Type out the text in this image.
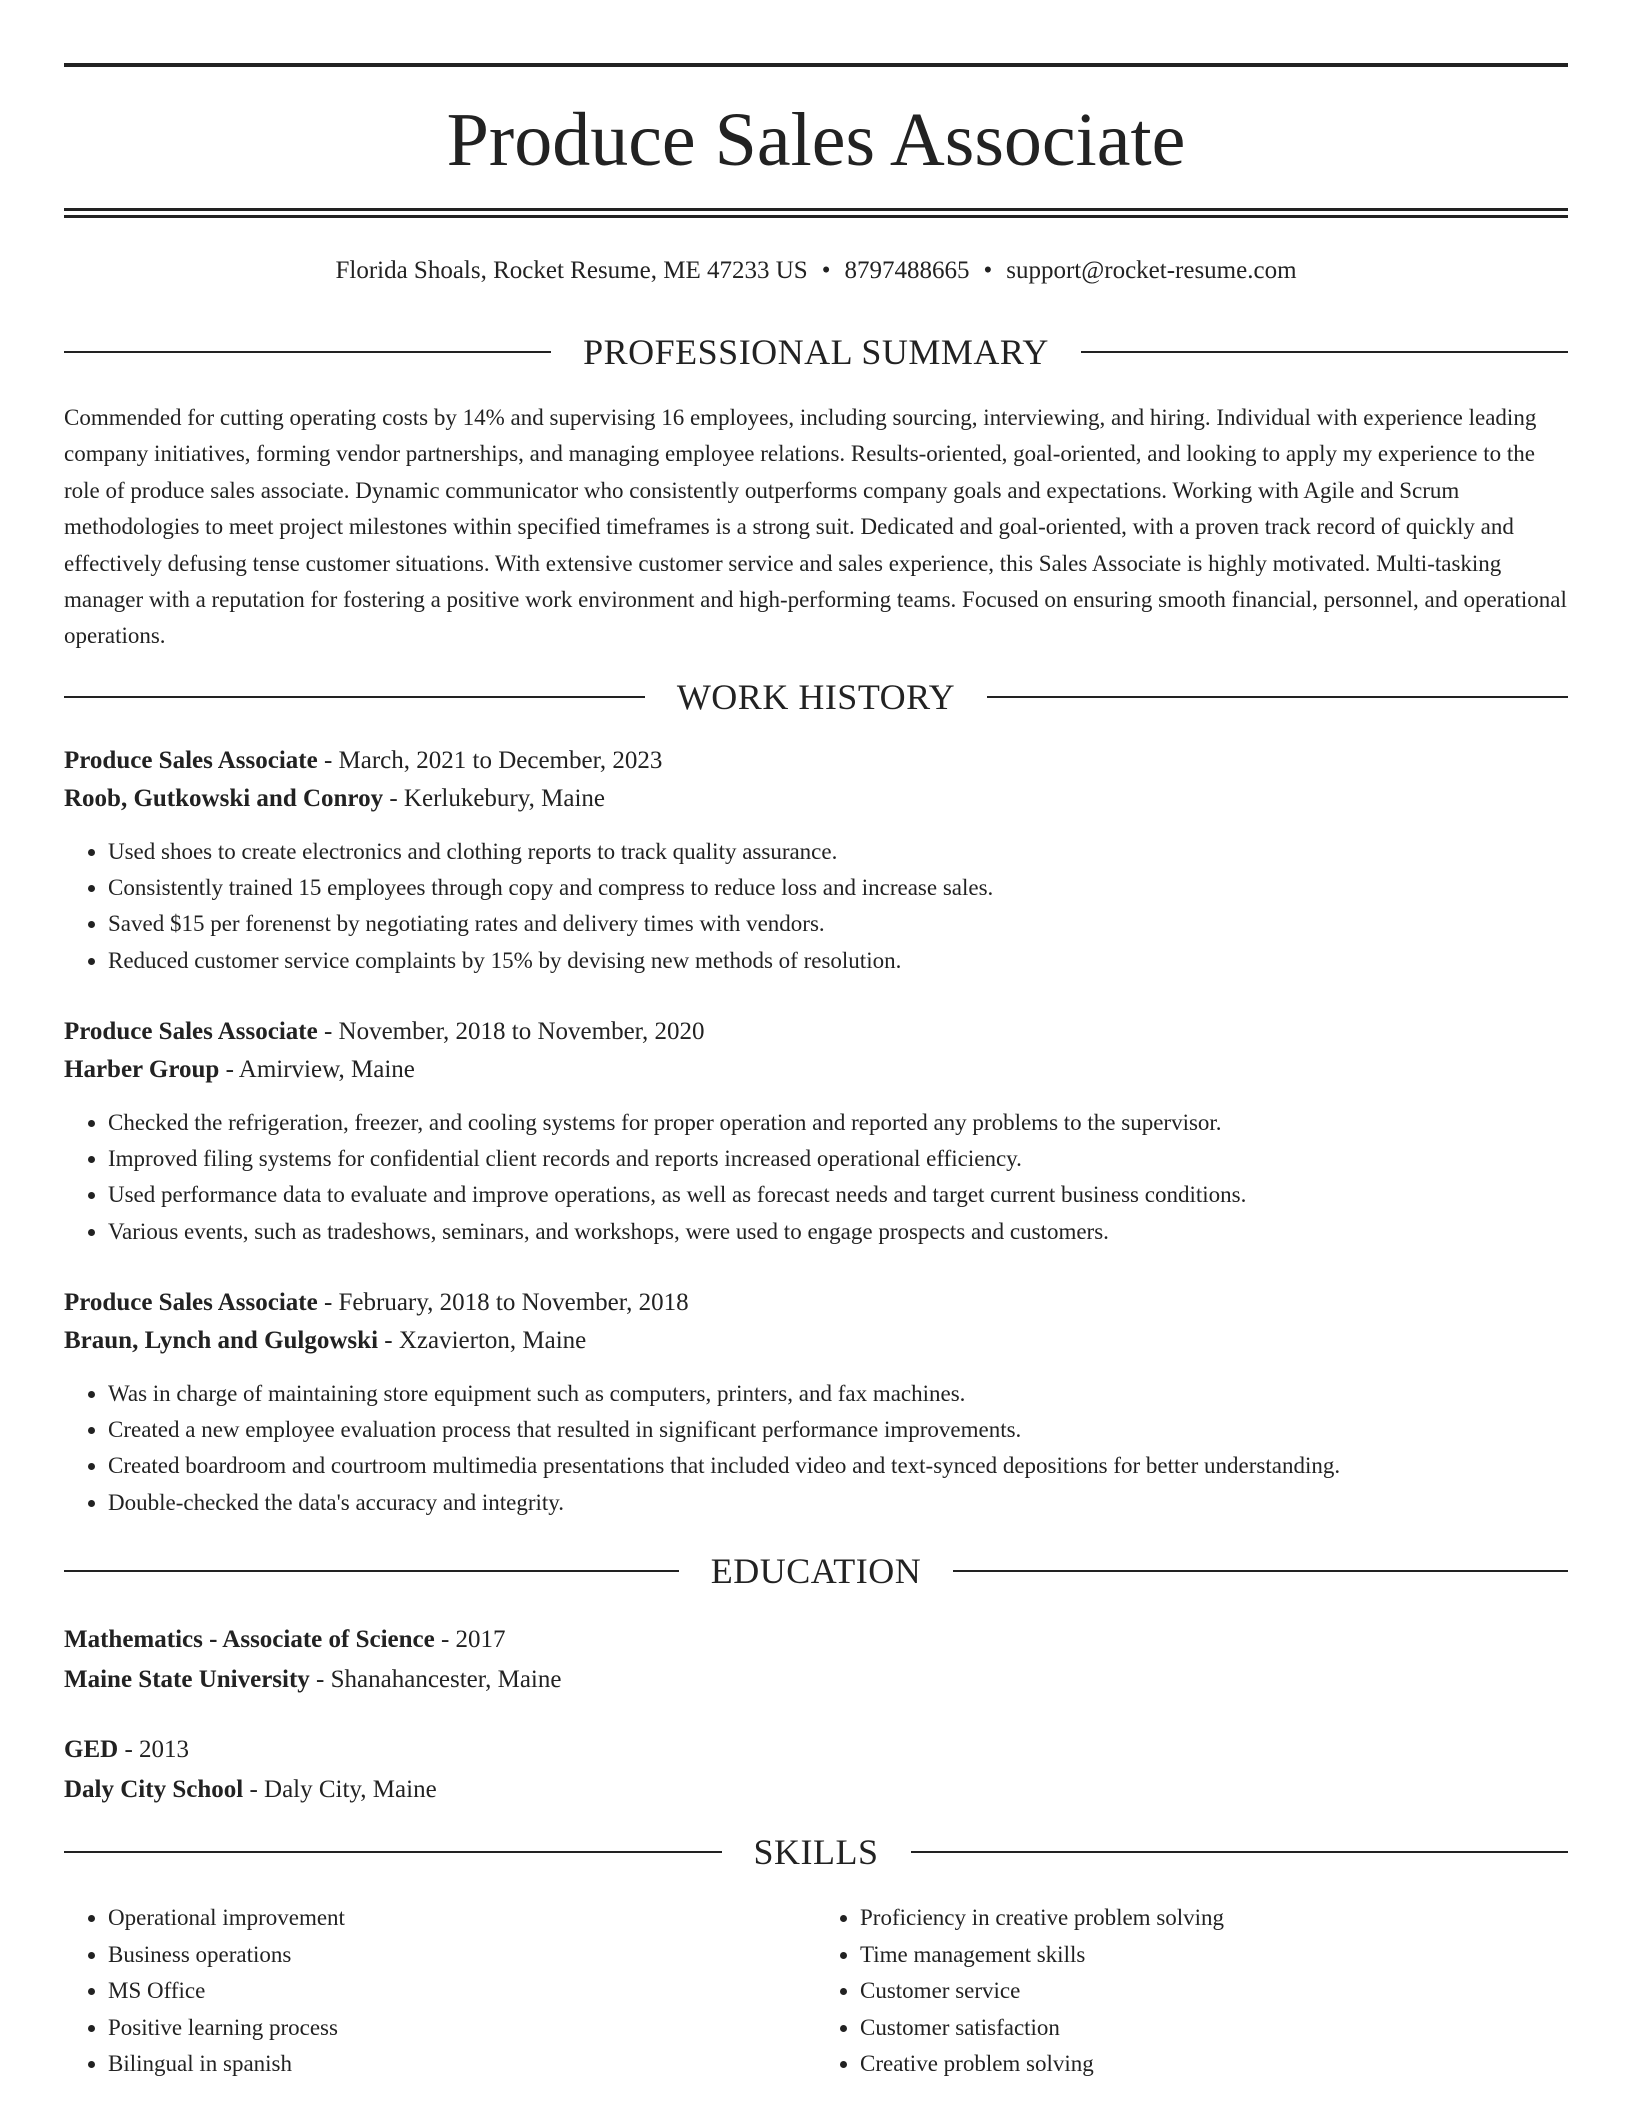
Produce Sales Associate
Florida Shoals, Rocket Resume, ME 47233 US • 8797488665 • support@rocket-resume.com
PROFESSIONAL SUMMARY
Commended for cutting operating costs by 14% and supervising 16 employees, including sourcing, interviewing, and hiring. Individual with experience leading company initiatives, forming vendor partnerships, and managing employee relations. Results-oriented, goal-oriented, and looking to apply my experience to the role of produce sales associate. Dynamic communicator who consistently outperforms company goals and expectations. Working with Agile and Scrum methodologies to meet project milestones within specified timeframes is a strong suit. Dedicated and goal-oriented, with a proven track record of quickly and effectively defusing tense customer situations. With extensive customer service and sales experience, this Sales Associate is highly motivated. Multi-tasking manager with a reputation for fostering a positive work environment and high-performing teams. Focused on ensuring smooth financial, personnel, and operational operations.
WORK HISTORY
Produce Sales Associate - March, 2021 to December, 2023
Roob, Gutkowski and Conroy - Kerlukebury, Maine
• Used shoes to create electronics and clothing reports to track quality assurance.
• Consistently trained 15 employees through copy and compress to reduce loss and increase sales.
• Saved $15 per forenenst by negotiating rates and delivery times with vendors.
• Reduced customer service complaints by 15% by devising new methods of resolution.
Produce Sales Associate - November, 2018 to November, 2020
Harber Group - Amirview, Maine
• Checked the refrigeration, freezer, and cooling systems for proper operation and reported any problems to the supervisor.
• Improved filing systems for confidential client records and reports increased operational efficiency.
• Used performance data to evaluate and improve operations, as well as forecast needs and target current business conditions.
• Various events, such as tradeshows, seminars, and workshops, were used to engage prospects and customers.
Produce Sales Associate - February, 2018 to November, 2018
Braun, Lynch and Gulgowski - Xzavierton, Maine
• Was in charge of maintaining store equipment such as computers, printers, and fax machines.
• Created a new employee evaluation process that resulted in significant performance improvements.
• Created boardroom and courtroom multimedia presentations that included video and text-synced depositions for better understanding.
• Double-checked the data's accuracy and integrity.
EDUCATION
Mathematics - Associate of Science - 2017
Maine State University - Shanahancester, Maine
GED - 2013
Daly City School - Daly City, Maine
SKILLS
• Operational improvement
• Business operations
• MS Office
• Positive learning process
• Bilingual in spanish
• Proficiency in creative problem solving
• Time management skills
• Customer service
• Customer satisfaction
• Creative problem solving
